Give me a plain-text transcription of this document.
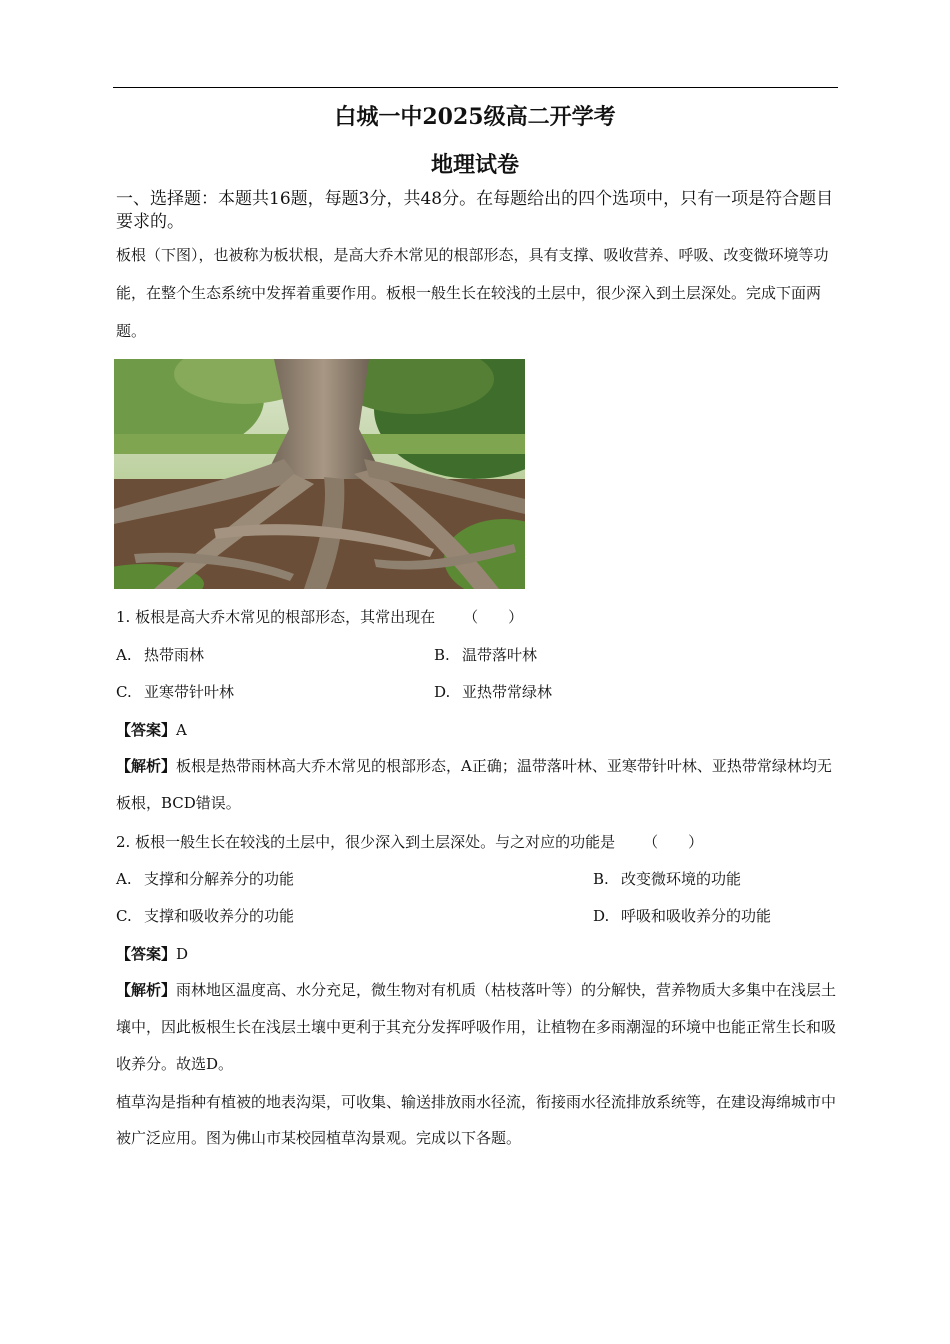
白城一中2025级高二开学考
地理试卷
一、选择题：本题共16题，每题3分，共48分。在每题给出的四个选项中，只有一项是符合题目要求的。
板根（下图），也被称为板状根，是高大乔木常见的根部形态，具有支撑、吸收营养、呼吸、改变微环境等功能，在整个生态系统中发挥着重要作用。板根一般生长在较浅的土层中，很少深入到土层深处。完成下面两题。
1. 板根是高大乔木常见的根部形态，其常出现在 （　　）
A. 热带雨林	B. 温带落叶林
C. 亚寒带针叶林	D. 亚热带常绿林
【答案】A
【解析】板根是热带雨林高大乔木常见的根部形态，A正确；温带落叶林、亚寒带针叶林、亚热带常绿林均无板根，BCD错误。
2. 板根一般生长在较浅的土层中，很少深入到土层深处。与之对应的功能是 （　　）
A. 支撑和分解养分的功能	B. 改变微环境的功能
C. 支撑和吸收养分的功能	D. 呼吸和吸收养分的功能
【答案】D
【解析】雨林地区温度高、水分充足，微生物对有机质（枯枝落叶等）的分解快，营养物质大多集中在浅层土壤中，因此板根生长在浅层土壤中更利于其充分发挥呼吸作用，让植物在多雨潮湿的环境中也能正常生长和吸收养分。故选D。
植草沟是指种有植被的地表沟渠，可收集、输送排放雨水径流，衔接雨水径流排放系统等，在建设海绵城市中被广泛应用。图为佛山市某校园植草沟景观。完成以下各题。
